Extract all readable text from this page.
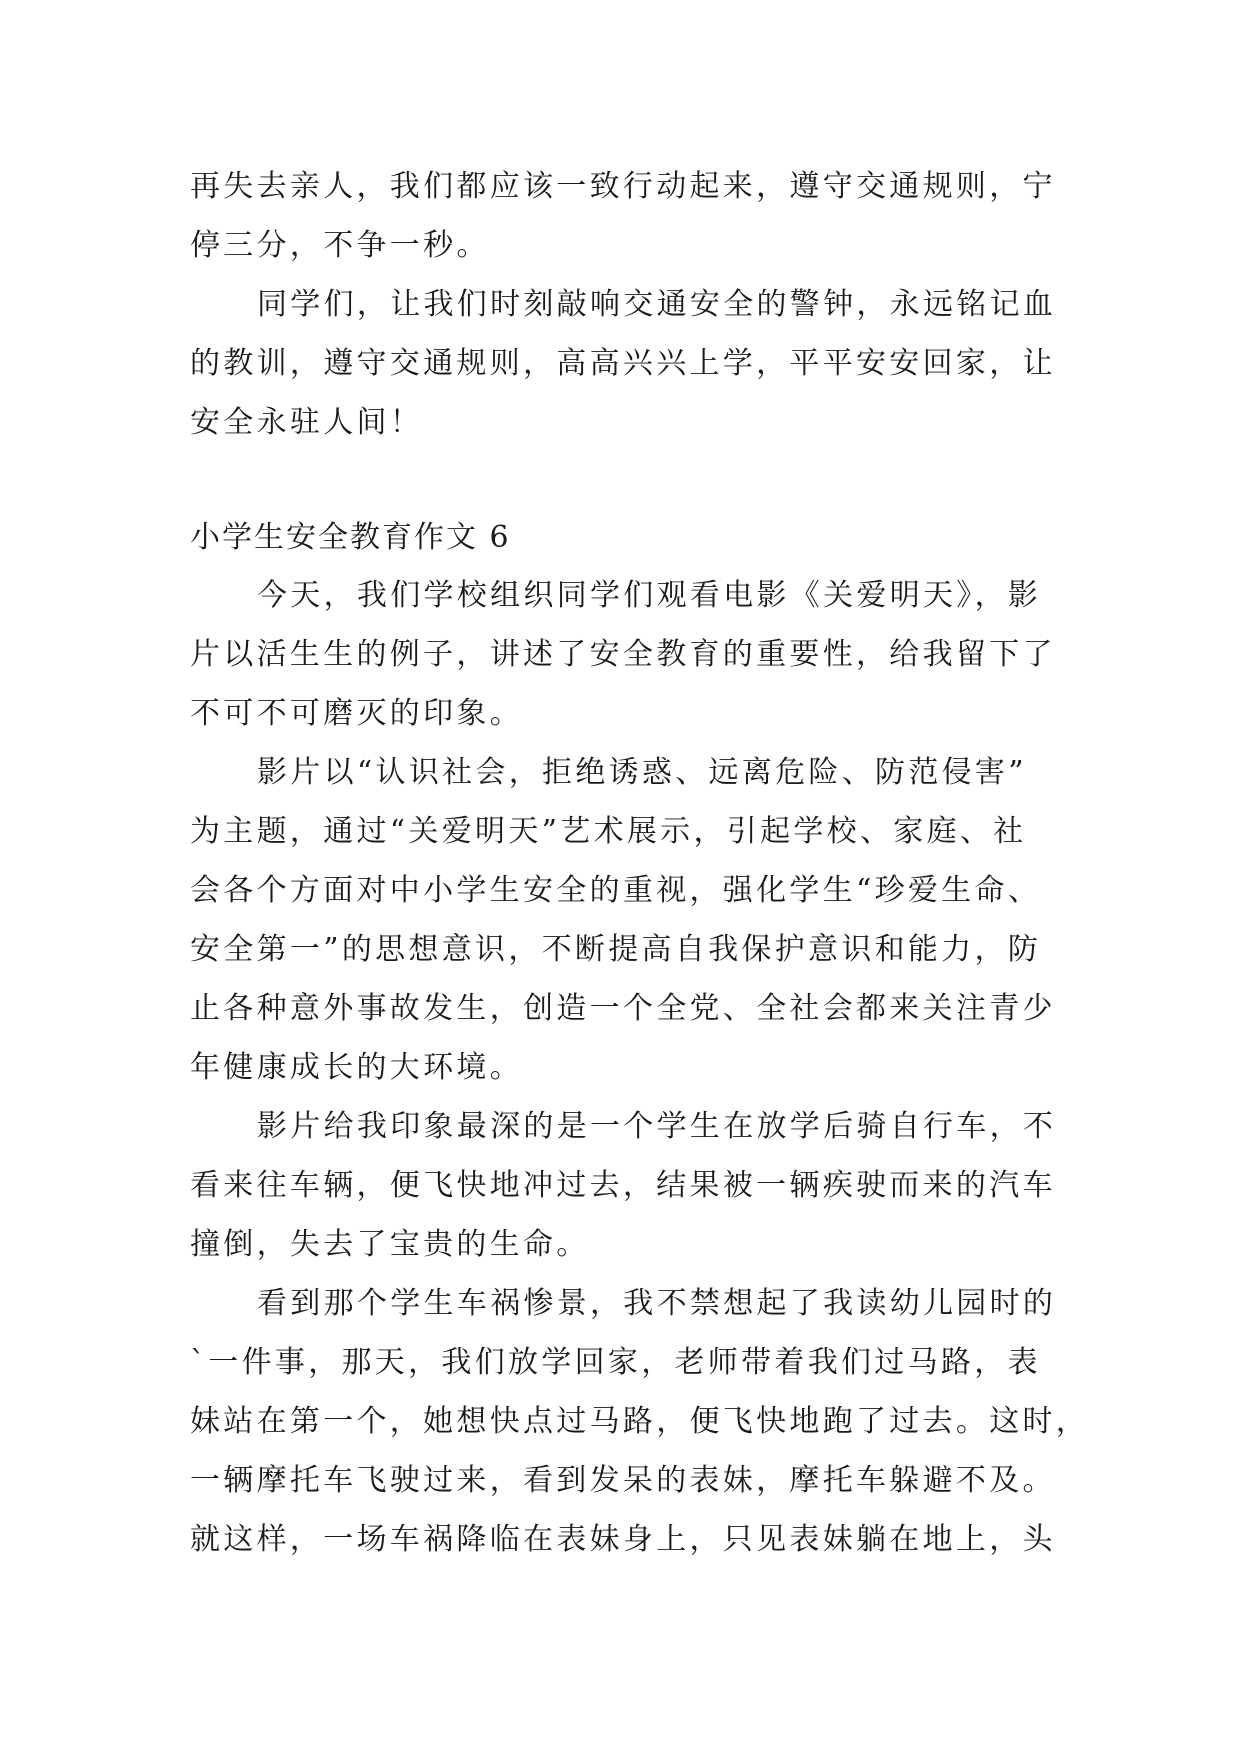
再失去亲人，我们都应该一致行动起来，遵守交通规则，宁
停三分，不争一秒。
同学们，让我们时刻敲响交通安全的警钟，永远铭记血
的教训，遵守交通规则，高高兴兴上学，平平安安回家，让
安全永驻人间！
小学生安全教育作文 6
今天，我们学校组织同学们观看电影《关爱明天》，影
片以活生生的例子，讲述了安全教育的重要性，给我留下了
不可不可磨灭的印象。
影片以“认识社会，拒绝诱惑、远离危险、防范侵害”
为主题，通过“关爱明天”艺术展示，引起学校、家庭、社
会各个方面对中小学生安全的重视，强化学生“珍爱生命、
安全第一”的思想意识，不断提高自我保护意识和能力，防
止各种意外事故发生，创造一个全党、全社会都来关注青少
年健康成长的大环境。
影片给我印象最深的是一个学生在放学后骑自行车，不
看来往车辆，便飞快地冲过去，结果被一辆疾驶而来的汽车
撞倒，失去了宝贵的生命。
看到那个学生车祸惨景，我不禁想起了我读幼儿园时的
`一件事，那天，我们放学回家，老师带着我们过马路，表
妹站在第一个，她想快点过马路，便飞快地跑了过去。这时，
一辆摩托车飞驶过来，看到发呆的表妹，摩托车躲避不及。
就这样，一场车祸降临在表妹身上，只见表妹躺在地上，头
